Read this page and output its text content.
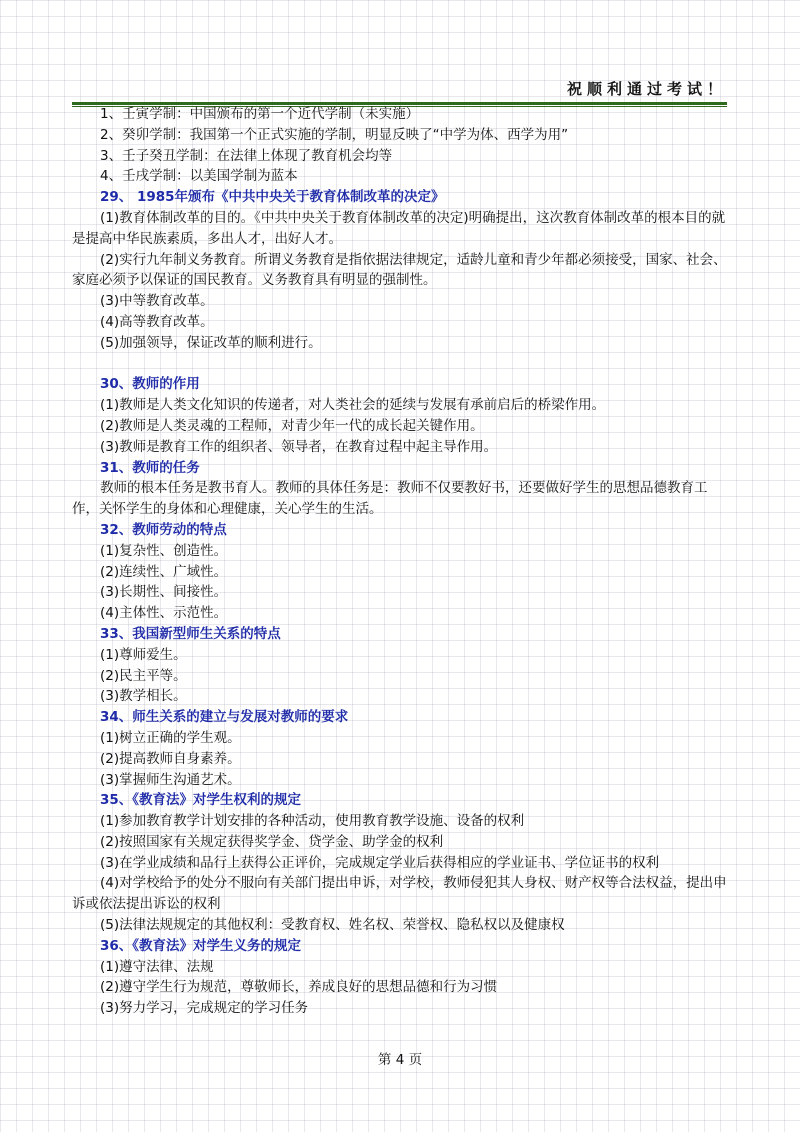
祝顺利通过考试！
1、壬寅学制：中国颁布的第一个近代学制（未实施）
2、癸卯学制：我国第一个正式实施的学制，明显反映了“中学为体、西学为用”
3、壬子癸丑学制：在法律上体现了教育机会均等
4、壬戌学制：以美国学制为蓝本
29、 1985年颁布《中共中央关于教育体制改革的决定》
(1)教育体制改革的目的。《中共中央关于教育体制改革的决定)明确提出，这次教育体制改革的根本目的就是提高中华民族素质，多出人才，出好人才。
(2)实行九年制义务教育。所谓义务教育是指依据法律规定，适龄儿童和青少年都必须接受，国家、社会、家庭必须予以保证的国民教育。义务教育具有明显的强制性。
(3)中等教育改革。
(4)高等教育改革。
(5)加强领导，保证改革的顺利进行。
30、教师的作用
(1)教师是人类文化知识的传递者，对人类社会的延续与发展有承前启后的桥梁作用。
(2)教师是人类灵魂的工程师，对青少年一代的成长起关键作用。
(3)教师是教育工作的组织者、领导者，在教育过程中起主导作用。
31、教师的任务
教师的根本任务是教书育人。教师的具体任务是：教师不仅要教好书，还要做好学生的思想品德教育工作，关怀学生的身体和心理健康，关心学生的生活。
32、教师劳动的特点
(1)复杂性、创造性。
(2)连续性、广域性。
(3)长期性、间接性。
(4)主体性、示范性。
33、我国新型师生关系的特点
(1)尊师爱生。
(2)民主平等。
(3)教学相长。
34、师生关系的建立与发展对教师的要求
(1)树立正确的学生观。
(2)提高教师自身素养。
(3)掌握师生沟通艺术。
35、《教育法》对学生权利的规定
(1)参加教育教学计划安排的各种活动，使用教育教学设施、设备的权利
(2)按照国家有关规定获得奖学金、贷学金、助学金的权利
(3)在学业成绩和品行上获得公正评价，完成规定学业后获得相应的学业证书、学位证书的权利
(4)对学校给予的处分不服向有关部门提出申诉，对学校，教师侵犯其人身权、财产权等合法权益，提出申诉或依法提出诉讼的权利
(5)法律法规规定的其他权利：受教育权、姓名权、荣誉权、隐私权以及健康权
36、《教育法》对学生义务的规定
(1)遵守法律、法规
(2)遵守学生行为规范，尊敬师长，养成良好的思想品德和行为习惯
(3)努力学习，完成规定的学习任务
第 4 页
